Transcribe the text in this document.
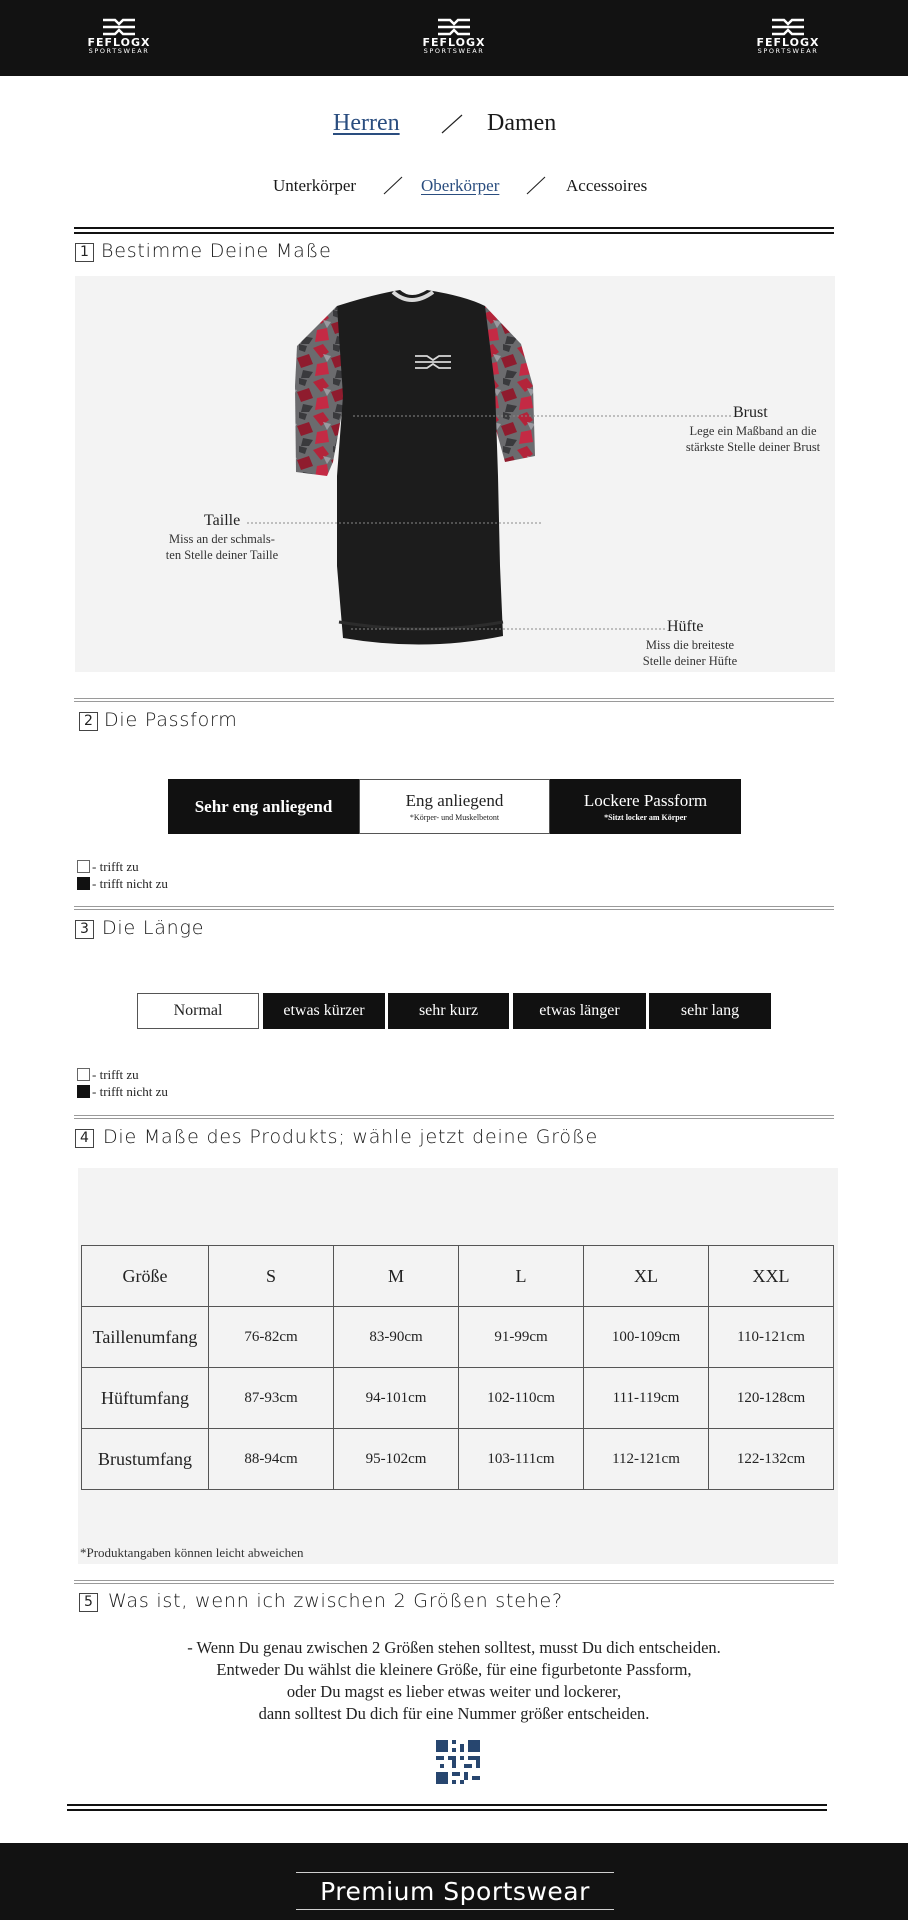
FEFLOGX
SPORTSWEAR
FEFLOGX
SPORTSWEAR
FEFLOGX
SPORTSWEAR
Herren	Damen
Unterkörper	Oberkörper	Accessoires
1 Bestimme Deine Maße
Brust
Lege ein Maßband an die
stärkste Stelle deiner Brust
Taille
Miss an der schmals-
ten Stelle deiner Taille
Hüfte
Miss die breiteste
Stelle deiner Hüfte
2 Die Passform
Sehr eng anliegend	Eng anliegend
*Körper- und Muskelbetont
Lockere Passform
*Sitzt locker am Körper
- trifft zu
- trifft nicht zu
3 Die Länge
Normal	etwas kürzer	sehr kurz	etwas länger	sehr lang
- trifft zu
- trifft nicht zu
4 Die Maße des Produkts; wähle jetzt deine Größe
Größe	S	M	L	XL	XXL
Taillenumfang	76-82cm	83-90cm	91-99cm	100-109cm	110-121cm
Hüftumfang	87-93cm	94-101cm	102-110cm	111-119cm	120-128cm
Brustumfang	88-94cm	95-102cm	103-111cm	112-121cm	122-132cm
*Produktangaben können leicht abweichen
5 Was ist, wenn ich zwischen 2 Größen stehe?
- Wenn Du genau zwischen 2 Größen stehen solltest, musst Du dich entscheiden.
Entweder Du wählst die kleinere Größe, für eine figurbetonte Passform,
oder Du magst es lieber etwas weiter und lockerer,
dann solltest Du dich für eine Nummer größer entscheiden.
Premium Sportswear
